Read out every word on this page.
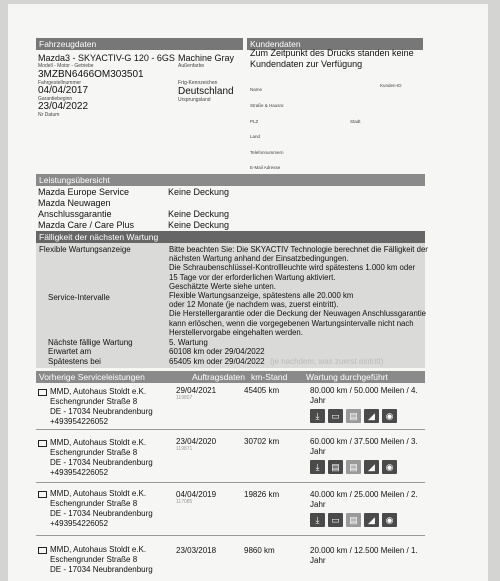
Fahrzeugdaten	Kundendaten
Mazda3 - SKYACTIV-G 120 - 6GS
Modell - Motor - Getriebe
3MZBN6466OM303501
Fahrgestellnummer
04/04/2017
Garantiebeginn
23/04/2022
Nr Datum
Machine Gray
Außenfarbe
Frtg-Kennzeichen
Deutschland
Ursprungsland
Zum Zeitpunkt des Drucks standen keine Kundendaten zur Verfügung
Name
Kunden-ID
Straße & Hausnr.
PLZ	Stadt
Land
Telefonnummern
E-Mail Adresse
Leistungsübersicht
Mazda Europe Service	Keine Deckung
Mazda Neuwagen
Anschlussgarantie	Keine Deckung
Mazda Care / Care Plus	Keine Deckung
Fälligkeit der nächsten Wartung
Flexible Wartungsanzeige
Service-Intervalle
Bitte beachten Sie: Die SKYACTIV Technologie berechnet die Fälligkeit der
nächsten Wartung anhand der Einsatzbedingungen.
Die Schraubenschlüssel-Kontrollleuchte wird spätestens 1.000 km oder
15 Tage vor der erforderlichen Wartung aktiviert.
Geschätzte Werte siehe unten.
Flexible Wartungsanzeige, spätestens alle 20.000 km
oder 12 Monate (je nachdem was, zuerst eintritt).
Die Herstellergarantie oder die Deckung der Neuwagen Anschlussgarantie
kann erlöschen, wenn die vorgegebenen Wartungsintervalle nicht nach
Herstellervorgabe eingehalten werden.
Nächste fällige Wartung	5. Wartung
Erwartet am	60108 km oder 29/04/2022
Spätestens bei	65405 km oder 29/04/2022 (je nachdem, was zuerst eintritt)
Vorherige Serviceleistungen	Auftragsdaten km-Stand Wartung durchgeführt
MMD, Autohaus Stoldt e.K.
Eschengrunder Straße 8
DE - 17034 Neubrandenburg
+493954226052
29/04/2021
119807
45405 km	80.000 km / 50.000 Meilen / 4.
Jahr
⤓	▭	▤	◢	◉
MMD, Autohaus Stoldt e.K.
Eschengrunder Straße 8
DE - 17034 Neubrandenburg
+493954226052
23/04/2020
119871
30702 km	60.000 km / 37.500 Meilen / 3.
Jahr
⤓	▤	▤	◢	◉
MMD, Autohaus Stoldt e.K.
Eschengrunder Straße 8
DE - 17034 Neubrandenburg
+493954226052
04/04/2019
117085
19826 km	40.000 km / 25.000 Meilen / 2.
Jahr
⤓	▭	▤	◢	◉
MMD, Autohaus Stoldt e.K.
Eschengrunder Straße 8
DE - 17034 Neubrandenburg
23/03/2018	9860 km	20.000 km / 12.500 Meilen / 1.
Jahr
